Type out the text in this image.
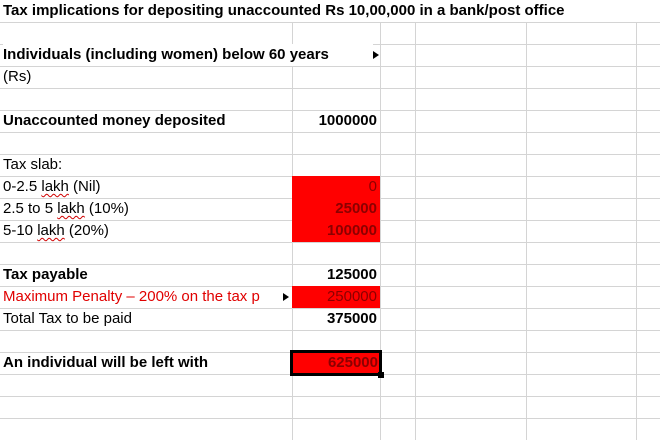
Tax implications for depositing unaccounted Rs 10,00,000 in a bank/post office
Individuals (including women) below 60 years
(Rs)
Unaccounted money deposited	1000000
Tax slab:
0-2.5 lakh (Nil)	0
2.5 to 5 lakh (10%)	25000
5-10 lakh (20%)	100000
Tax payable	125000
Maximum Penalty – 200% on the tax p	250000
Total Tax to be paid	375000
An individual will be left with	625000
